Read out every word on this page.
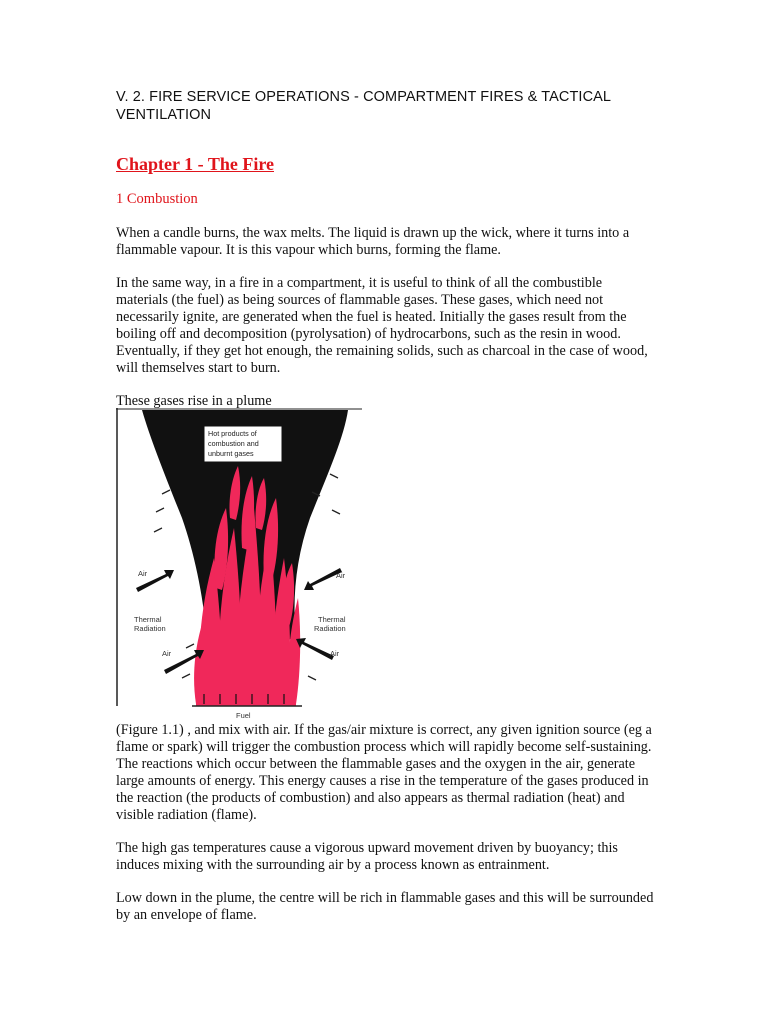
V. 2. FIRE SERVICE OPERATIONS - COMPARTMENT FIRES & TACTICAL VENTILATION
Chapter 1 - The Fire
1 Combustion

When a candle burns, the wax melts. The liquid is drawn up the wick, where it turns into a flammable vapour. It is this vapour which burns, forming the flame.

In the same way, in a fire in a compartment, it is useful to think of all the combustible materials (the fuel) as being sources of flammable gases. These gases, which need not necessarily ignite, are generated when the fuel is heated. Initially the gases result from the boiling off and decomposition (pyrolysation) of hydrocarbons, such as the resin in wood. Eventually, if they get hot enough, the remaining solids, such as charcoal in the case of wood, will themselves start to burn.

These gases rise in a plume

Hot products of
combustion and
unburnt gases
Air	Air
Air	Air
Thermal
Radiation
Thermal
Radiation
Fuel

(Figure 1.1) , and mix with air. If the gas/air mixture is correct, any given ignition source (eg a flame or spark) will trigger the combustion process which will rapidly become self-sustaining. The reactions which occur between the flammable gases and the oxygen in the air, generate large amounts of energy. This energy causes a rise in the temperature of the gases produced in the reaction (the products of combustion) and also appears as thermal radiation (heat) and visible radiation (flame).

The high gas temperatures cause a vigorous upward movement driven by buoyancy; this induces mixing with the surrounding air by a process known as entrainment.

Low down in the plume, the centre will be rich in flammable gases and this will be surrounded by an envelope of flame.
